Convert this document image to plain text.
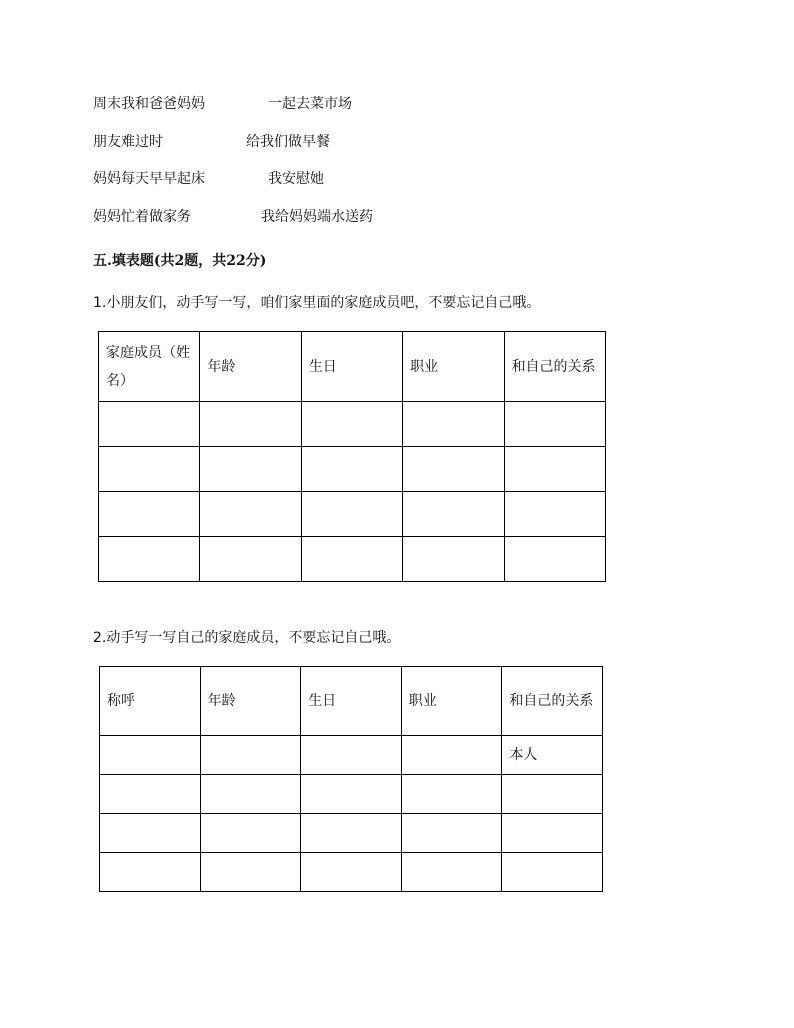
周末我和爸爸妈妈	一起去菜市场
朋友难过时	给我们做早餐
妈妈每天早早起床	我安慰她
妈妈忙着做家务	我给妈妈端水送药
五.填表题(共2题，共22分)
1.小朋友们，动手写一写，咱们家里面的家庭成员吧，不要忘记自己哦。
家庭成员（姓名）	年龄	生日	职业	和自己的关系

2.动手写一写自己的家庭成员，不要忘记自己哦。
称呼	年龄	生日	职业	和自己的关系
				本人
